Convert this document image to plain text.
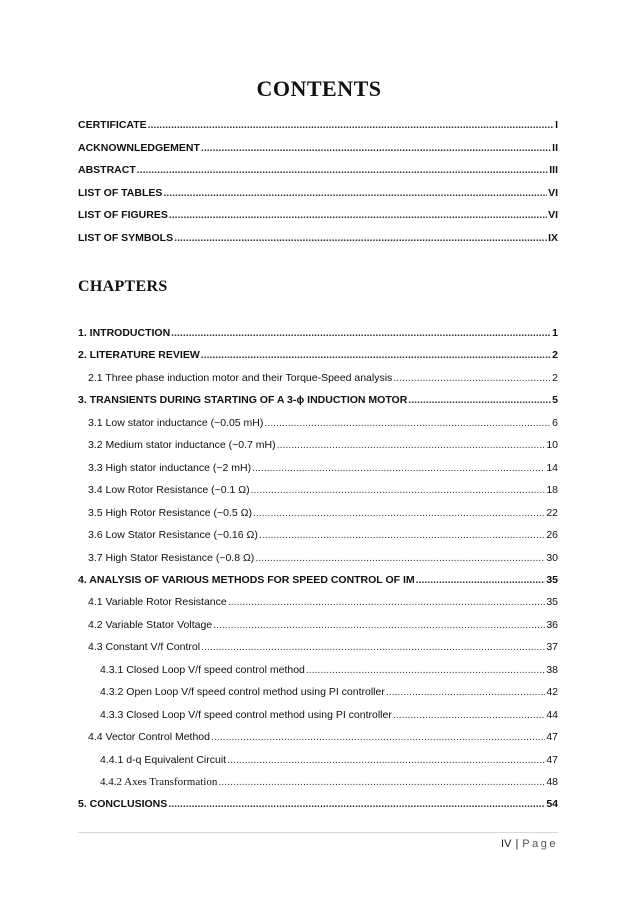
CONTENTS
CERTIFICATE .....	I
ACKNOWNLEDGEMENT .....	II
ABSTRACT .....	III
LIST OF TABLES .....	VI
LIST OF FIGURES .....	VI
LIST OF SYMBOLS .....	IX
CHAPTERS
1. INTRODUCTION .....	1
2. LITERATURE REVIEW .....	2
2.1 Three phase induction motor and their Torque-Speed analysis .....	2
3. TRANSIENTS DURING STARTING OF A 3-ϕ INDUCTION MOTOR .....	5
3.1 Low stator inductance (~0.05 mH) .....	6
3.2 Medium stator inductance (~0.7 mH) .....	10
3.3 High stator inductance (~2 mH) .....	14
3.4 Low Rotor Resistance (~0.1 Ω) .....	18
3.5 High Rotor Resistance (~0.5 Ω) .....	22
3.6 Low Stator Resistance (~0.16 Ω) .....	26
3.7 High Stator Resistance (~0.8 Ω) .....	30
4. ANALYSIS OF VARIOUS METHODS FOR SPEED CONTROL OF IM .....	35
4.1 Variable Rotor Resistance .....	35
4.2 Variable Stator Voltage .....	36
4.3 Constant V/f Control .....	37
4.3.1 Closed Loop V/f speed control method .....	38
4.3.2 Open Loop V/f speed control method using PI controller .....	42
4.3.3 Closed Loop V/f speed control method using PI controller .....	44
4.4 Vector Control Method .....	47
4.4.1 d-q Equivalent Circuit .....	47
4.4.2 Axes Transformation .....	48
5. CONCLUSIONS .....	54
IV | Page
